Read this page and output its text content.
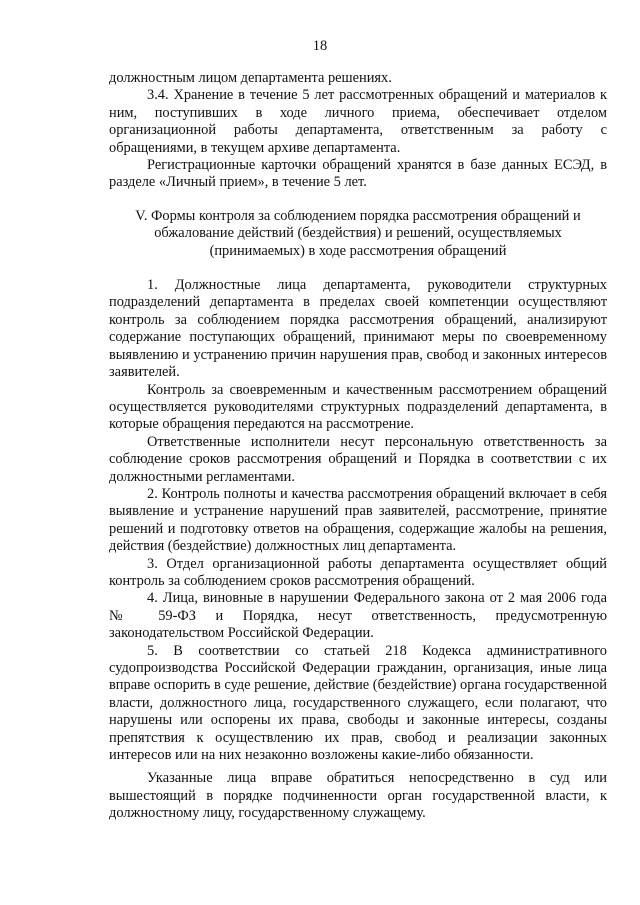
18

должностным лицом департамента решениях.

3.4. Хранение в течение 5 лет рассмотренных обращений и материалов к ним, поступивших в ходе личного приема, обеспечивает отделом организационной работы департамента, ответственным за работу с обращениями, в текущем архиве департамента.

Регистрационные карточки обращений хранятся в базе данных ЕСЭД, в разделе «Личный прием», в течение 5 лет.

V. Формы контроля за соблюдением порядка рассмотрения обращений и
обжалование действий (бездействия) и решений, осуществляемых
(принимаемых) в ходе рассмотрения обращений

1. Должностные лица департамента, руководители структурных подразделений департамента в пределах своей компетенции осуществляют контроль за соблюдением порядка рассмотрения обращений, анализируют содержание поступающих обращений, принимают меры по своевременному выявлению и устранению причин нарушения прав, свобод и законных интересов заявителей.

Контроль за своевременным и качественным рассмотрением обращений осуществляется руководителями структурных подразделений департамента, в которые обращения передаются на рассмотрение.

Ответственные исполнители несут персональную ответственность за соблюдение сроков рассмотрения обращений и Порядка в соответствии с их должностными регламентами.

2. Контроль полноты и качества рассмотрения обращений включает в себя выявление и устранение нарушений прав заявителей, рассмотрение, принятие решений и подготовку ответов на обращения, содержащие жалобы на решения, действия (бездействие) должностных лиц департамента.

3. Отдел организационной работы департамента осуществляет общий контроль за соблюдением сроков рассмотрения обращений.

4. Лица, виновные в нарушении Федерального закона от 2 мая 2006 года № 59-ФЗ и Порядка, несут ответственность, предусмотренную законодательством Российской Федерации.

5. В соответствии со статьей 218 Кодекса административного судопроизводства Российской Федерации гражданин, организация, иные лица вправе оспорить в суде решение, действие (бездействие) органа государственной власти, должностного лица, государственного служащего, если полагают, что нарушены или оспорены их права, свободы и законные интересы, созданы препятствия к осуществлению их прав, свобод и реализации законных интересов или на них незаконно возложены какие-либо обязанности.

Указанные лица вправе обратиться непосредственно в суд или вышестоящий в порядке подчиненности орган государственной власти, к должностному лицу, государственному служащему.
